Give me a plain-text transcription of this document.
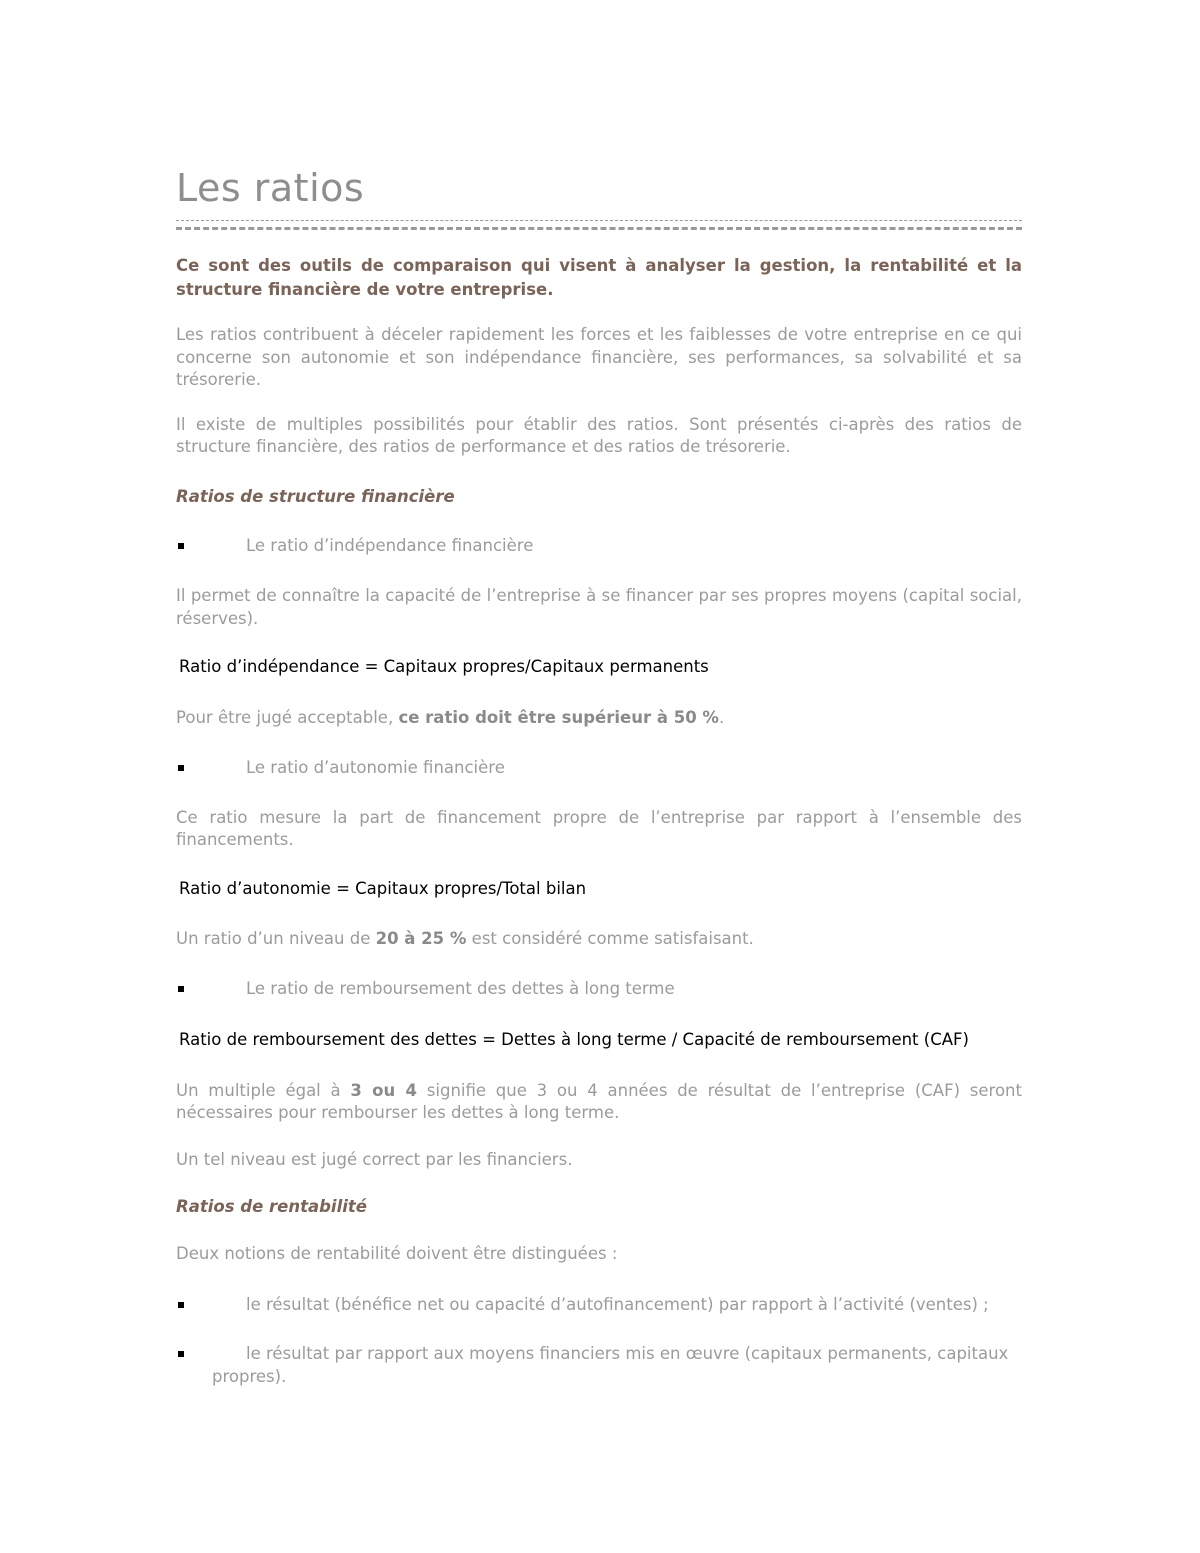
Les ratios

Ce sont des outils de comparaison qui visent à analyser la gestion, la rentabilité et la structure financière de votre entreprise.

Les ratios contribuent à déceler rapidement les forces et les faiblesses de votre entreprise en ce qui concerne son autonomie et son indépendance financière, ses performances, sa solvabilité et sa trésorerie.

Il existe de multiples possibilités pour établir des ratios. Sont présentés ci-après des ratios de structure financière, des ratios de performance et des ratios de trésorerie.

Ratios de structure financière
Le ratio d’indépendance financière

Il permet de connaître la capacité de l’entreprise à se financer par ses propres moyens (capital social, réserves).

Ratio d’indépendance = Capitaux propres/Capitaux permanents

Pour être jugé acceptable, ce ratio doit être supérieur à 50 %.

Le ratio d’autonomie financière

Ce ratio mesure la part de financement propre de l’entreprise par rapport à l’ensemble des financements.

Ratio d’autonomie = Capitaux propres/Total bilan

Un ratio d’un niveau de 20 à 25 % est considéré comme satisfaisant.

Le ratio de remboursement des dettes à long terme
Ratio de remboursement des dettes = Dettes à long terme / Capacité de remboursement (CAF)

Un multiple égal à 3 ou 4 signifie que 3 ou 4 années de résultat de l’entreprise (CAF) seront nécessaires pour rembourser les dettes à long terme.

Un tel niveau est jugé correct par les financiers.

Ratios de rentabilité

Deux notions de rentabilité doivent être distinguées :

le résultat (bénéfice net ou capacité d’autofinancement) par rapport à l’activité (ventes) ;
le résultat par rapport aux moyens financiers mis en œuvre (capitaux permanents, capitaux propres).
